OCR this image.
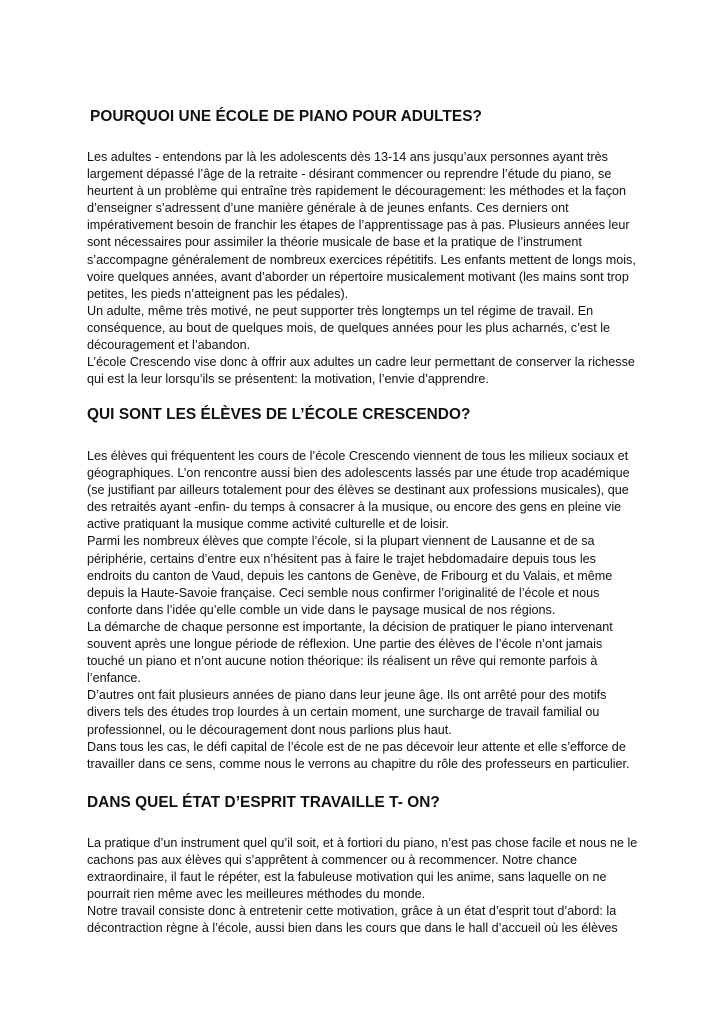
POURQUOI UNE ÉCOLE DE PIANO POUR ADULTES?

Les adultes - entendons par là les adolescents dès 13-14 ans jusqu’aux personnes ayant très largement dépassé l’âge de la retraite - désirant commencer ou reprendre l’étude du piano, se heurtent à un problème qui entraîne très rapidement le découragement: les méthodes et la façon d’enseigner s’adressent d’une manière générale à de jeunes enfants. Ces derniers ont impérativement besoin de franchir les étapes de l’apprentissage pas à pas. Plusieurs années leur sont nécessaires pour assimiler la théorie musicale de base et la pratique de l’instrument s’accompagne généralement de nombreux exercices répétitifs. Les enfants mettent de longs mois, voire quelques années, avant d’aborder un répertoire musicalement motivant (les mains sont trop petites, les pieds n’atteignent pas les pédales).

Un adulte, même très motivé, ne peut supporter très longtemps un tel régime de travail. En conséquence, au bout de quelques mois, de quelques années pour les plus acharnés, c’est le découragement et l’abandon.

L’école Crescendo vise donc à offrir aux adultes un cadre leur permettant de conserver la richesse qui est la leur lorsqu’ils se présentent: la motivation, l’envie d’apprendre.

QUI SONT LES ÉLÈVES DE L’ÉCOLE CRESCENDO?

Les élèves qui fréquentent les cours de l’école Crescendo viennent de tous les milieux sociaux et géographiques. L’on rencontre aussi bien des adolescents lassés par une étude trop académique (se justifiant par ailleurs totalement pour des élèves se destinant aux professions musicales), que des retraités ayant -enfin- du temps à consacrer à la musique, ou encore des gens en pleine vie active pratiquant la musique comme activité culturelle et de loisir.

Parmi les nombreux élèves que compte l’école, si la plupart viennent de Lausanne et de sa périphérie, certains d’entre eux n’hésitent pas à faire le trajet hebdomadaire depuis tous les endroits du canton de Vaud, depuis les cantons de Genève, de Fribourg et du Valais, et même depuis la Haute-Savoie française. Ceci semble nous confirmer l’originalité de l’école et nous conforte dans l’idée qu’elle comble un vide dans le paysage musical de nos régions.

La démarche de chaque personne est importante, la décision de pratiquer le piano intervenant souvent après une longue période de réflexion. Une partie des élèves de l’école n’ont jamais touché un piano et n’ont aucune notion théorique: ils réalisent un rêve qui remonte parfois à l’enfance.

D’autres ont fait plusieurs années de piano dans leur jeune âge. Ils ont arrêté pour des motifs divers tels des études trop lourdes à un certain moment, une surcharge de travail familial ou professionnel, ou le découragement dont nous parlions plus haut.

Dans tous les cas, le défi capital de l’école est de ne pas décevoir leur attente et elle s’efforce de travailler dans ce sens, comme nous le verrons au chapitre du rôle des professeurs en particulier.

DANS QUEL ÉTAT D’ESPRIT TRAVAILLE T- ON?

La pratique d’un instrument quel qu’il soit, et à fortiori du piano, n’est pas chose facile et nous ne le cachons pas aux élèves qui s’apprêtent à commencer ou à recommencer. Notre chance extraordinaire, il faut le répéter, est la fabuleuse motivation qui les anime, sans laquelle on ne pourrait rien même avec les meilleures méthodes du monde.

Notre travail consiste donc à entretenir cette motivation, grâce à un état d’esprit tout d’abord: la décontraction règne à l’école, aussi bien dans les cours que dans le hall d’accueil où les élèves
